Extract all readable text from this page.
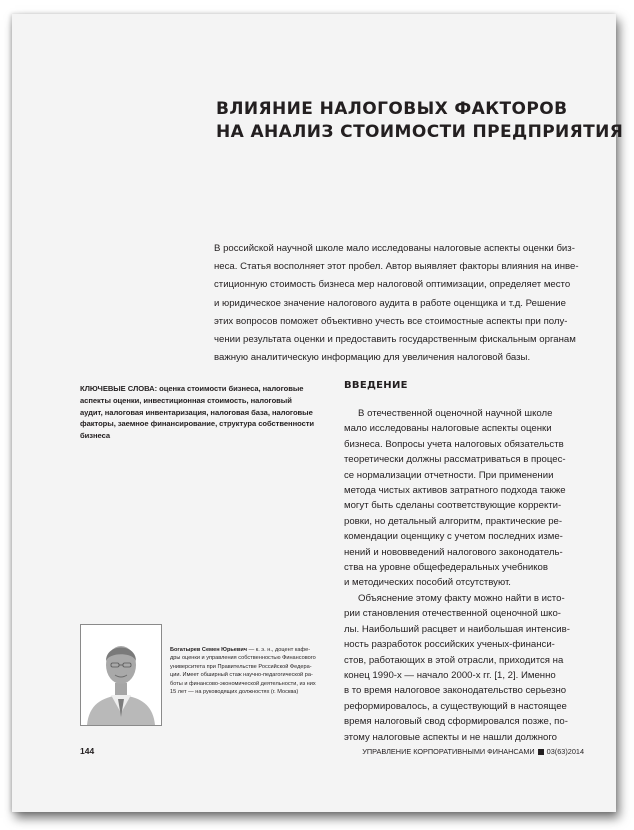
ВЛИЯНИЕ НАЛОГОВЫХ ФАКТОРОВ
НА АНАЛИЗ СТОИМОСТИ ПРЕДПРИЯТИЯ
В российской научной школе мало исследованы налоговые аспекты оценки биз-
неса. Статья восполняет этот пробел. Автор выявляет факторы влияния на инве-
стиционную стоимость бизнеса мер налоговой оптимизации, определяет место
и юридическое значение налогового аудита в работе оценщика и т.д. Решение
этих вопросов поможет объективно учесть все стоимостные аспекты при полу-
чении результата оценки и предоставить государственным фискальным органам
важную аналитическую информацию для увеличения налоговой базы.
КЛЮЧЕВЫЕ СЛОВА: оценка стоимости бизнеса, налоговые
аспекты оценки, инвестиционная стоимость, налоговый
аудит, налоговая инвентаризация, налоговая база, налоговые
факторы, заемное финансирование, структура собственности
бизнеса
ВВЕДЕНИЕ
В отечественной оценочной научной школе
мало исследованы налоговые аспекты оценки
бизнеса. Вопросы учета налоговых обязательств
теоретически должны рассматриваться в процес-
се нормализации отчетности. При применении
метода чистых активов затратного подхода также
могут быть сделаны соответствующие корректи-
ровки, но детальный алгоритм, практические ре-
комендации оценщику с учетом последних изме-
нений и нововведений налогового законодатель-
ства на уровне общефедеральных учебников
и методических пособий отсутствуют.
Объяснение этому факту можно найти в истo-
рии становления отечественной оценочной шко-
лы. Наибольший расцвет и наибольшая интенсив-
ность разработок российских ученых-финанси-
стов, работающих в этой отрасли, приходится на
конец 1990-х — начало 2000-х гг. [1, 2]. Именно
в то время налоговое законодательство серьезно
реформировалось, а существующий в настоящее
время налоговый свод сформировался позже, по-
этому налоговые аспекты и не нашли должного
Богатырев Семен Юрьевич — к. э. н., доцент кафе-
дры оценки и управления собственностью Финансового
университета при Правительстве Российской Федера-
ции. Имеет обширный стаж научно-педагогической ра-
боты и финансово-экономической деятельности, из них
15 лет — на руководящих должностях (г. Москва)
144	УПРАВЛЕНИЕ КОРПОРАТИВНЫМИ ФИНАНСАМИ 03(63)2014
